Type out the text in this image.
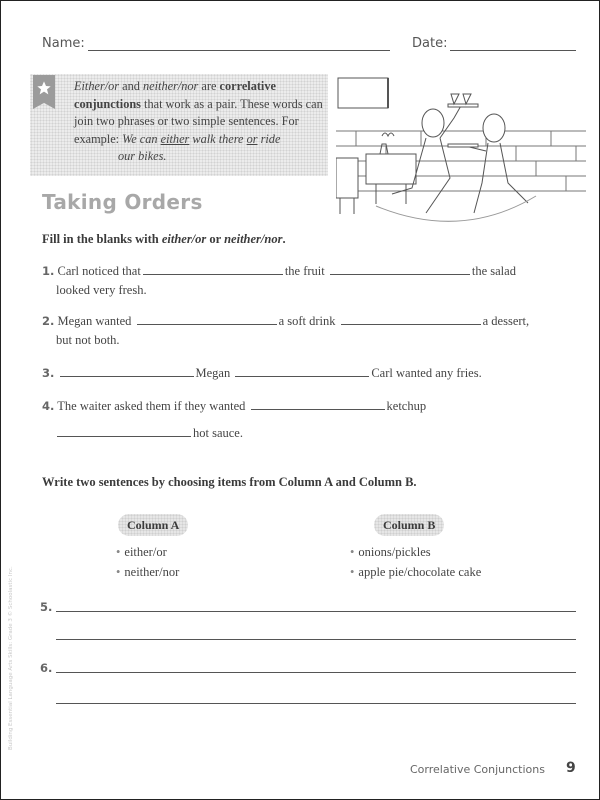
Name:	Date:
Either/or and neither/nor are correlative conjunctions that work as a pair. These words can join two phrases or two simple sentences. For example: We can either walk there or ride
our bikes.
Taking Orders
Fill in the blanks with either/or or neither/nor.
1. Carl noticed that	the fruit	the salad
looked very fresh.
2. Megan wanted	a soft drink	a dessert,
but not both.
3.	Megan	Carl wanted any fries.
4. The waiter asked them if they wanted	ketchup
hot sauce.
Write two sentences by choosing items from Column A and Column B.
Column A
• either/or
• neither/nor
Column B
• onions/pickles
• apple pie/chocolate cake
5.
6.
Building Essential Language Arts Skills: Grade 3 © Schoolastic Inc.
Correlative Conjunctions 9
